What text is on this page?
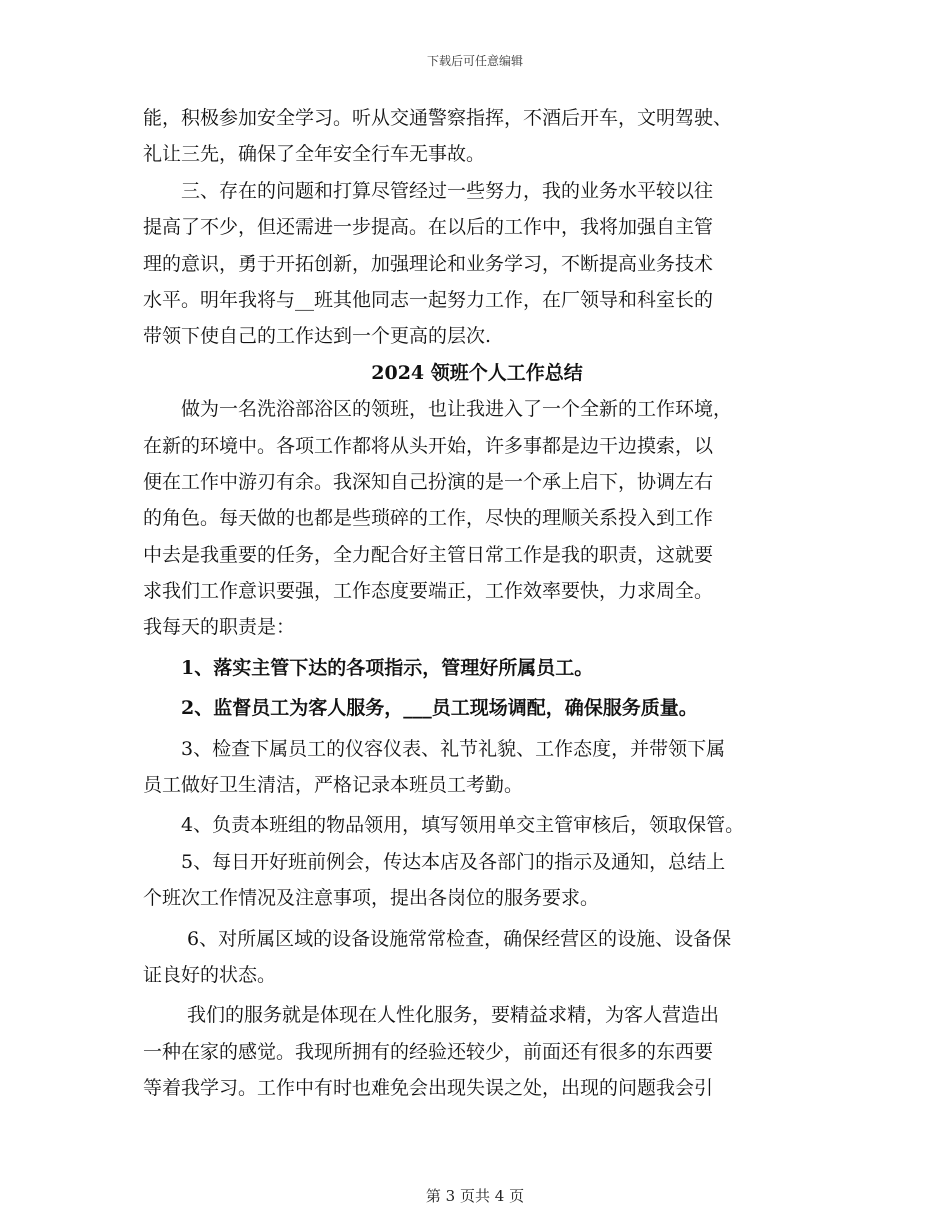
下载后可任意编辑
能，积极参加安全学习。听从交通警察指挥，不酒后开车，文明驾驶、
礼让三先，确保了全年安全行车无事故。
三、存在的问题和打算尽管经过一些努力，我的业务水平较以往
提高了不少，但还需进一步提高。在以后的工作中，我将加强自主管
理的意识，勇于开拓创新，加强理论和业务学习，不断提高业务技术
水平。明年我将与__班其他同志一起努力工作，在厂领导和科室长的
带领下使自己的工作达到一个更高的层次.
2024 领班个人工作总结
做为一名洗浴部浴区的领班，也让我进入了一个全新的工作环境，
在新的环境中。各项工作都将从头开始，许多事都是边干边摸索，以
便在工作中游刃有余。我深知自己扮演的是一个承上启下，协调左右
的角色。每天做的也都是些琐碎的工作，尽快的理顺关系投入到工作
中去是我重要的任务，全力配合好主管日常工作是我的职责，这就要
求我们工作意识要强，工作态度要端正，工作效率要快，力求周全。
我每天的职责是：
1、落实主管下达的各项指示，管理好所属员工。
2、监督员工为客人服务，___员工现场调配，确保服务质量。
3、检查下属员工的仪容仪表、礼节礼貌、工作态度，并带领下属
员工做好卫生清洁，严格记录本班员工考勤。
4、负责本班组的物品领用，填写领用单交主管审核后，领取保管。
5、每日开好班前例会，传达本店及各部门的指示及通知，总结上
个班次工作情况及注意事项，提出各岗位的服务要求。
6、对所属区域的设备设施常常检查，确保经营区的设施、设备保
证良好的状态。
我们的服务就是体现在人性化服务，要精益求精，为客人营造出
一种在家的感觉。我现所拥有的经验还较少，前面还有很多的东西要
等着我学习。工作中有时也难免会出现失误之处，出现的问题我会引
第 3 页共 4 页
